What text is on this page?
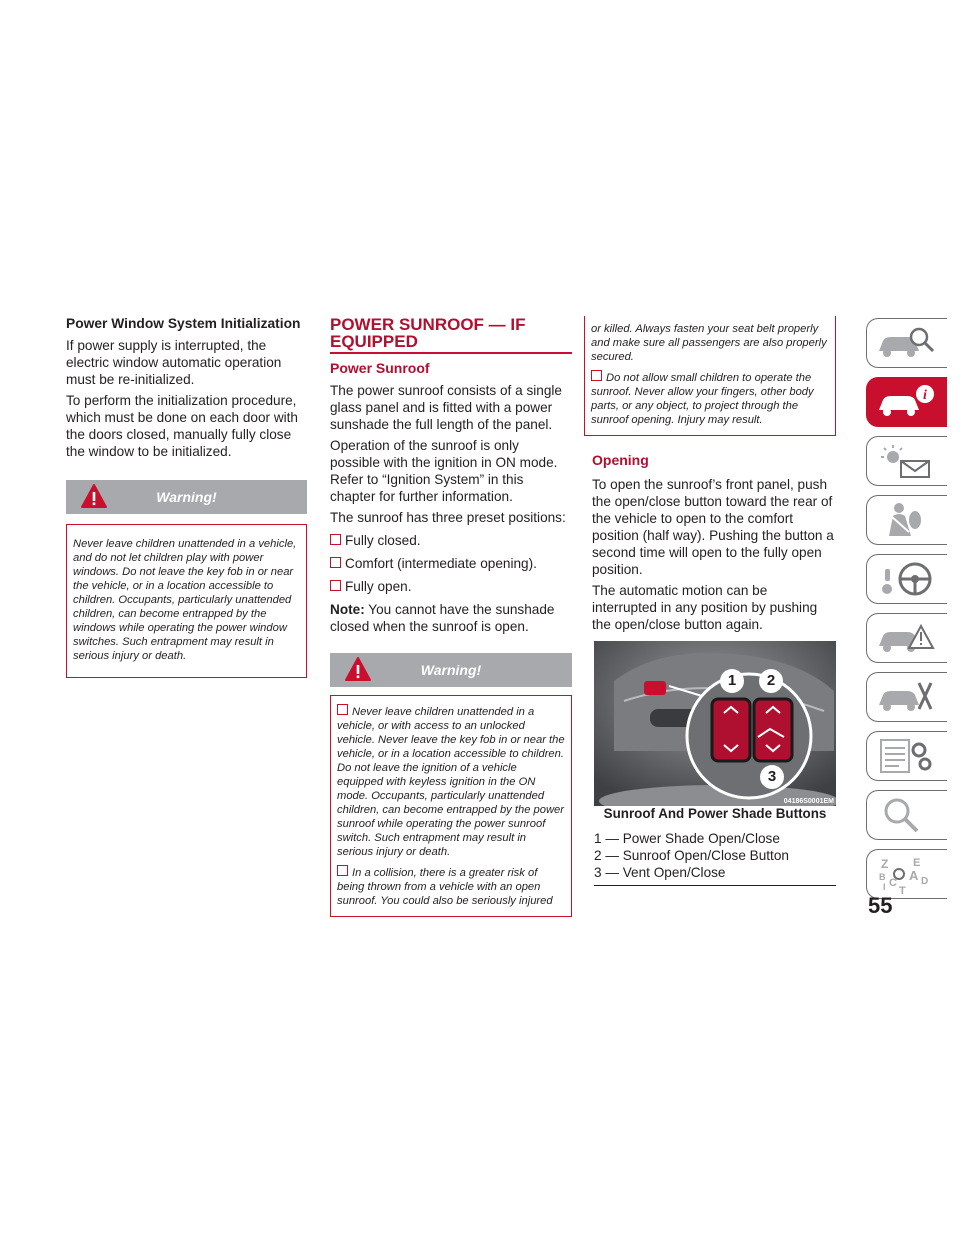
Power Window System Initialization

If power supply is interrupted, the electric window automatic operation must be re-initialized.

To perform the initialization procedure, which must be done on each door with the doors closed, manually fully close the window to be initialized.

Warning!

Never leave children unattended in a vehicle, and do not let children play with power windows. Do not leave the key fob in or near the vehicle, or in a location accessible to children. Occupants, particularly unattended children, can become entrapped by the windows while operating the power window switches. Such entrapment may result in serious injury or death.

POWER SUNROOF — IF EQUIPPED

Power Sunroof

The power sunroof consists of a single glass panel and is fitted with a power sunshade the full length of the panel.

Operation of the sunroof is only possible with the ignition in ON mode. Refer to “Ignition System” in this chapter for further information.

The sunroof has three preset positions:

Fully closed.
Comfort (intermediate opening).
Fully open.

Note: You cannot have the sunshade closed when the sunroof is open.

Warning!

Never leave children unattended in a vehicle, or with access to an unlocked vehicle. Never leave the key fob in or near the vehicle, or in a location accessible to children. Do not leave the ignition of a vehicle equipped with keyless ignition in the ON mode. Occupants, particularly unattended children, can become entrapped by the power sunroof while operating the power sunroof switch. Such entrapment may result in serious injury or death.

In a collision, there is a greater risk of being thrown from a vehicle with an open sunroof. You could also be seriously injured

or killed. Always fasten your seat belt properly and make sure all passengers are also properly secured.

Do not allow small children to operate the sunroof. Never allow your fingers, other body parts, or any object, to project through the sunroof opening. Injury may result.

Opening

To open the sunroof’s front panel, push the open/close button toward the rear of the vehicle to open to the comfort position (half way). Pushing the button a second time will open to the fully open position.

The automatic motion can be interrupted in any position by pushing the open/close button again.

1	2
3
04186S0001EM
Sunroof And Power Shade Buttons
1 — Power Shade Open/Close
2 — Sunroof Open/Close Button
3 — Vent Open/Close
i
Z E
A
B C D
I T
55
